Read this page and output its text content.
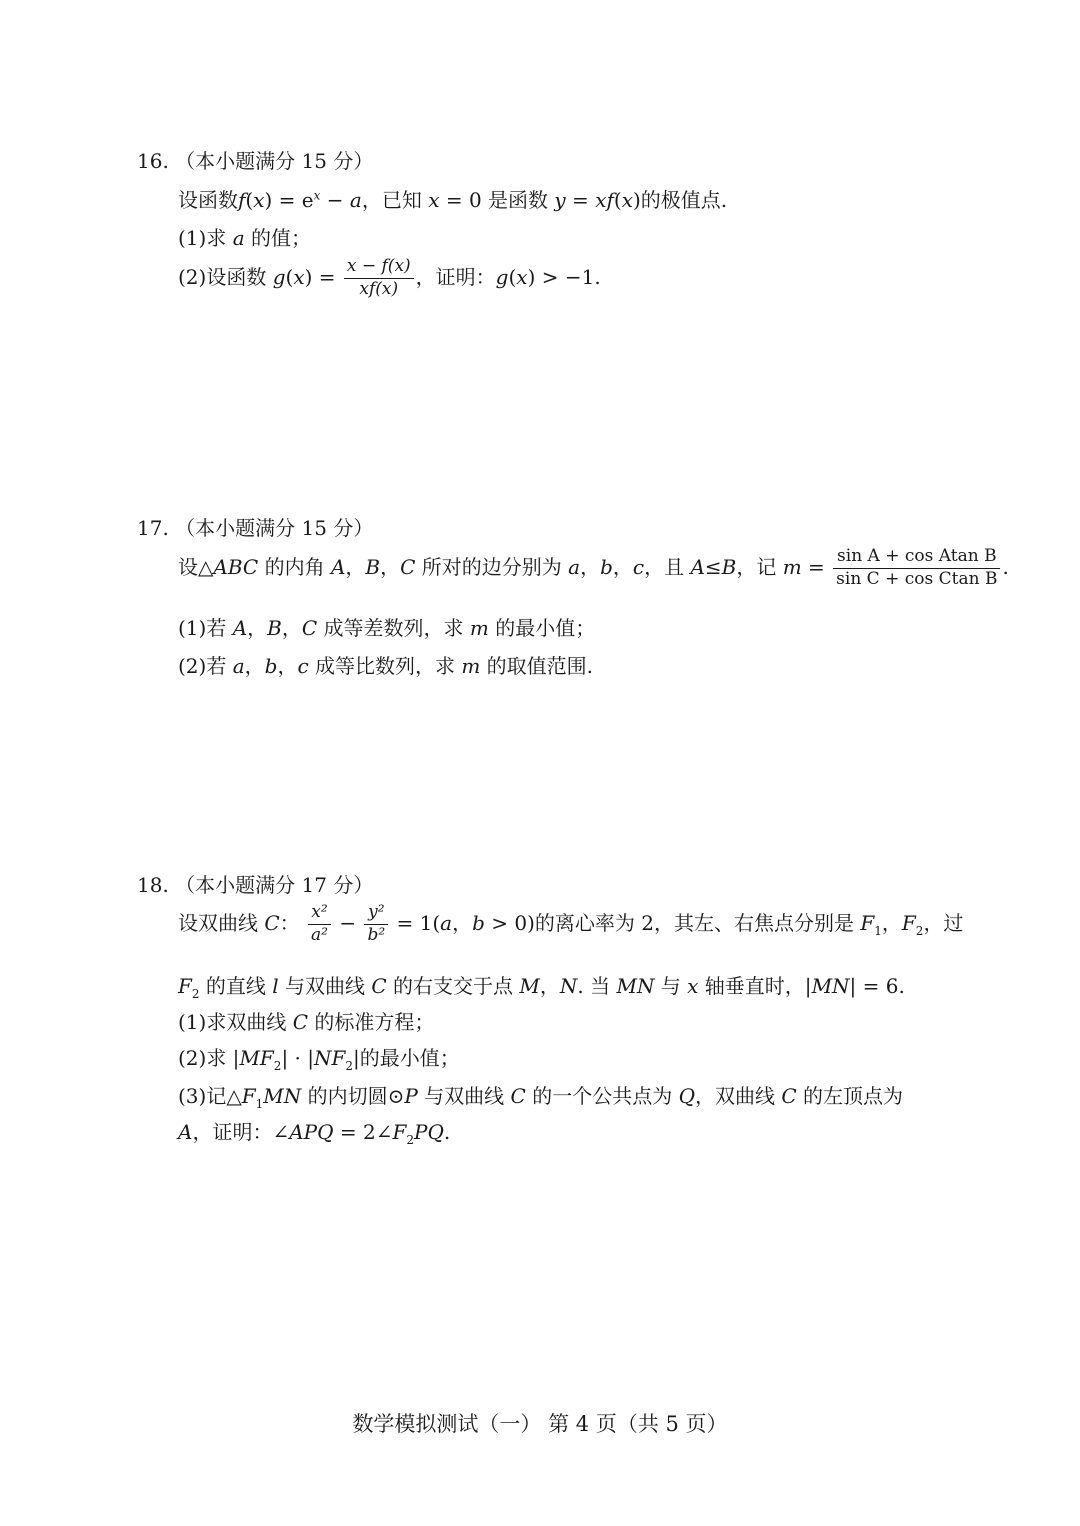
16. （本小题满分 15 分）
设函数$f(x) = e^x - a$，已知 x = 0 是函数 y = xf(x)的极值点.
(1)求 a 的值；
(2)设函数 $g(x) = \frac{x - f(x)}{xf(x)}$ ，证明：g(x) > −1.
17. （本小题满分 15 分）
设△ABC 的内角 A，B，C 所对的边分别为 a，b，c，且 A≤B，记 $m = \frac{\text{sin A + cos Atan B}}{\text{sin C + cos Ctan B}}$ .
(1)若 A，B，C 成等差数列，求 m 的最小值；
(2)若 a，b，c 成等比数列，求 m 的取值范围.
18. （本小题满分 17 分）
设双曲线 C： $\frac{\text{x²}}{\text{a²}} - \frac{\text{y²}}{\text{b²}} = 1(a$，b > 0)的离心率为 2，其左、右焦点分别是 $F_1$，$F_2$，过
$F_2$ 的直线 l 与双曲线 C 的右支交于点 M，N. 当 MN 与 x 轴垂直时，|MN| = 6.
(1)求双曲线 C 的标准方程；
(2)求 $|MF_2| \cdot |NF_2|$的最小值；
(3)记$\triangle F_1MN$ 的内切圆⊙P 与双曲线 C 的一个公共点为 Q，双曲线 C 的左顶点为
A，证明：∠APQ = $2\angle F_2PQ$.
数学模拟测试（一） 第 4 页（共 5 页）
